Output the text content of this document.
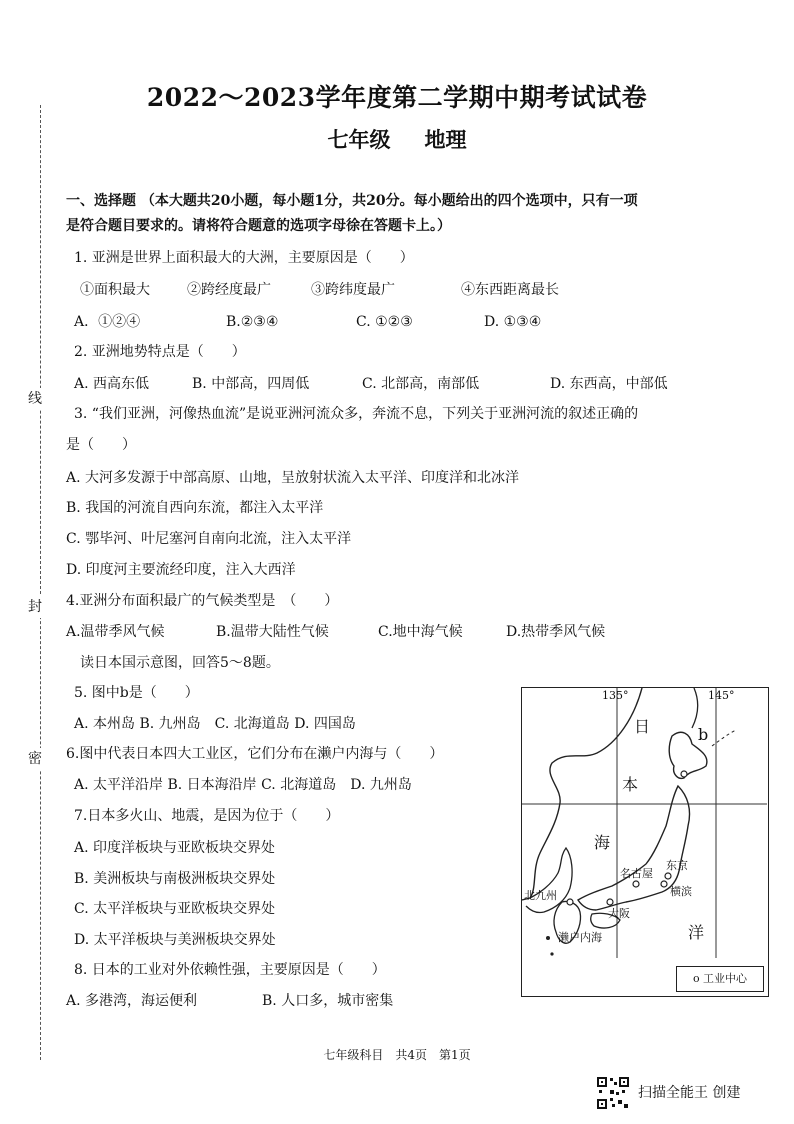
线
封
密
2022～2023学年度第二学期中期考试试卷
七年级 地理
一、选择题 （本大题共20小题，每小题1分，共20分。每小题给出的四个选项中，只有一项
是符合题目要求的。请将符合题意的选项字母徐在答题卡上。）
1. 亚洲是世界上面积最大的大洲，主要原因是（　　）
①面积最大	②跨经度最广	③跨纬度最广	④东西距离最长
A．①②④	B.②③④	C. ①②③	D. ①③④
2. 亚洲地势特点是（　　）
A. 西高东低	B. 中部高，四周低	C. 北部高，南部低	D. 东西高，中部低
3. “我们亚洲，河像热血流”是说亚洲河流众多，奔流不息，下列关于亚洲河流的叙述正确的
是（　　）
A. 大河多发源于中部高原、山地，呈放射状流入太平洋、印度洋和北冰洋
B. 我国的河流自西向东流，都注入太平洋
C. 鄂毕河、叶尼塞河自南向北流，注入太平洋
D. 印度河主要流经印度，注入大西洋
4.亚洲分布面积最广的气候类型是　（　　）
A.温带季风气候	B.温带大陆性气候	C.地中海气候	D.热带季风气候
读日本国示意图，回答5～8题。
5. 图中b是（　　）
A. 本州岛 B. 九州岛　C. 北海道岛 D. 四国岛
6.图中代表日本四大工业区，它们分布在濑户内海与（　　）
A. 太平洋沿岸 B. 日本海沿岸 C. 北海道岛　D. 九州岛
7.日本多火山、地震，是因为位于（　　）
A. 印度洋板块与亚欧板块交界处
B. 美洲板块与南极洲板块交界处
C. 太平洋板块与亚欧板块交界处
D. 太平洋板块与美洲板块交界处
8. 日本的工业对外依赖性强，主要原因是（　　）
A. 多港湾，海运便利	B. 人口多，城市密集
135°	145°
日
本
海
洋
b
北九州
大阪
名古屋
东京
横滨
濑户内海
o 工业中心
七年级科目　共4页　第1页
扫描全能王 创建
